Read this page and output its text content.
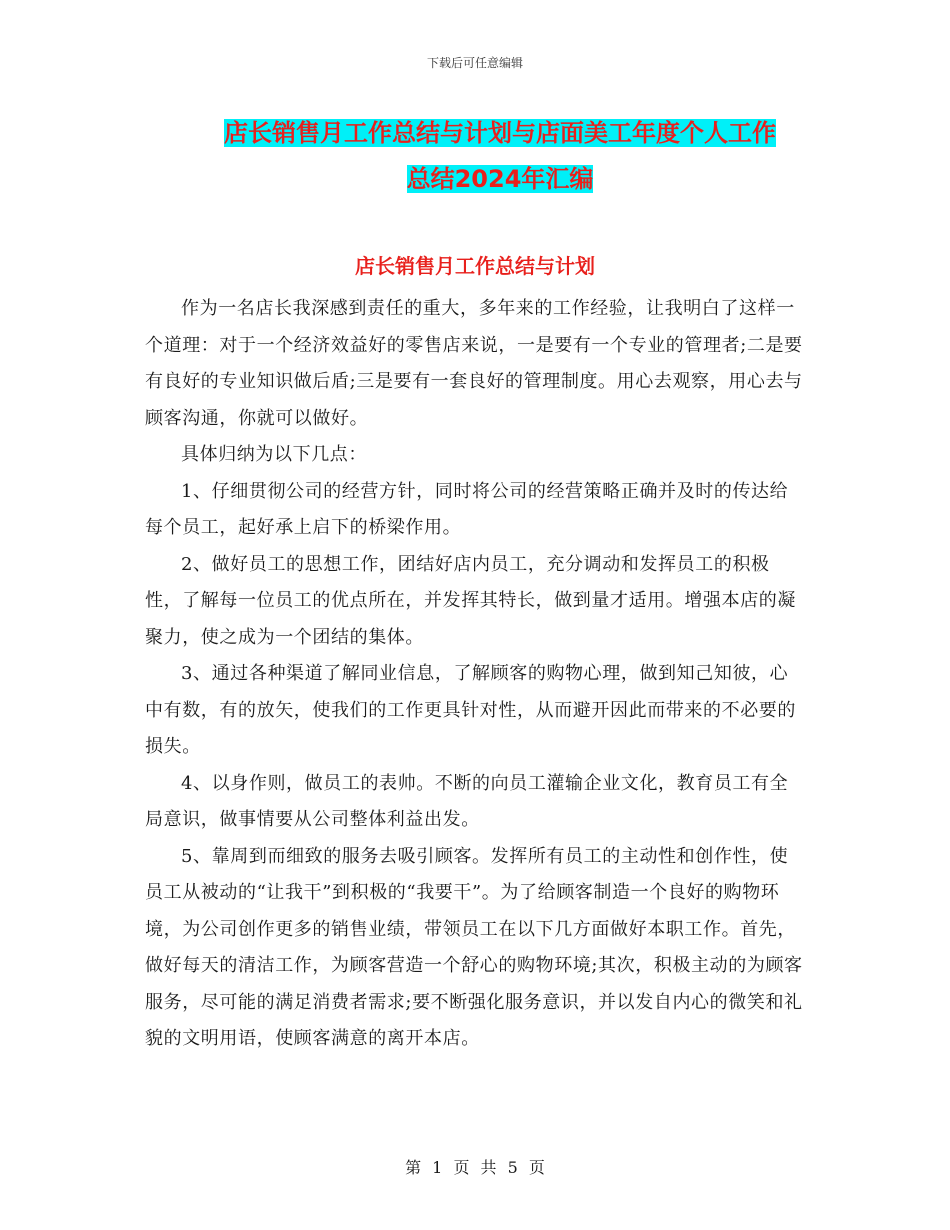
下载后可任意编辑
店长销售月工作总结与计划与店面美工年度个人工作
总结2024年汇编
店长销售月工作总结与计划

作为一名店长我深感到责任的重大，多年来的工作经验，让我明白了这样一个道理：对于一个经济效益好的零售店来说，一是要有一个专业的管理者;二是要有良好的专业知识做后盾;三是要有一套良好的管理制度。用心去观察，用心去与顾客沟通，你就可以做好。

具体归纳为以下几点：

1、仔细贯彻公司的经营方针，同时将公司的经营策略正确并及时的传达给每个员工，起好承上启下的桥梁作用。

2、做好员工的思想工作，团结好店内员工，充分调动和发挥员工的积极性，了解每一位员工的优点所在，并发挥其特长，做到量才适用。增强本店的凝聚力，使之成为一个团结的集体。

3、通过各种渠道了解同业信息，了解顾客的购物心理，做到知己知彼，心中有数，有的放矢，使我们的工作更具针对性，从而避开因此而带来的不必要的损失。

4、以身作则，做员工的表帅。不断的向员工灌输企业文化，教育员工有全局意识，做事情要从公司整体利益出发。

5、靠周到而细致的服务去吸引顾客。发挥所有员工的主动性和创作性，使员工从被动的“让我干”到积极的“我要干”。为了给顾客制造一个良好的购物环境，为公司创作更多的销售业绩，带领员工在以下几方面做好本职工作。首先，做好每天的清洁工作，为顾客营造一个舒心的购物环境;其次，积极主动的为顾客服务，尽可能的满足消费者需求;要不断强化服务意识，并以发自内心的微笑和礼貌的文明用语，使顾客满意的离开本店。

第 1 页 共 5 页
